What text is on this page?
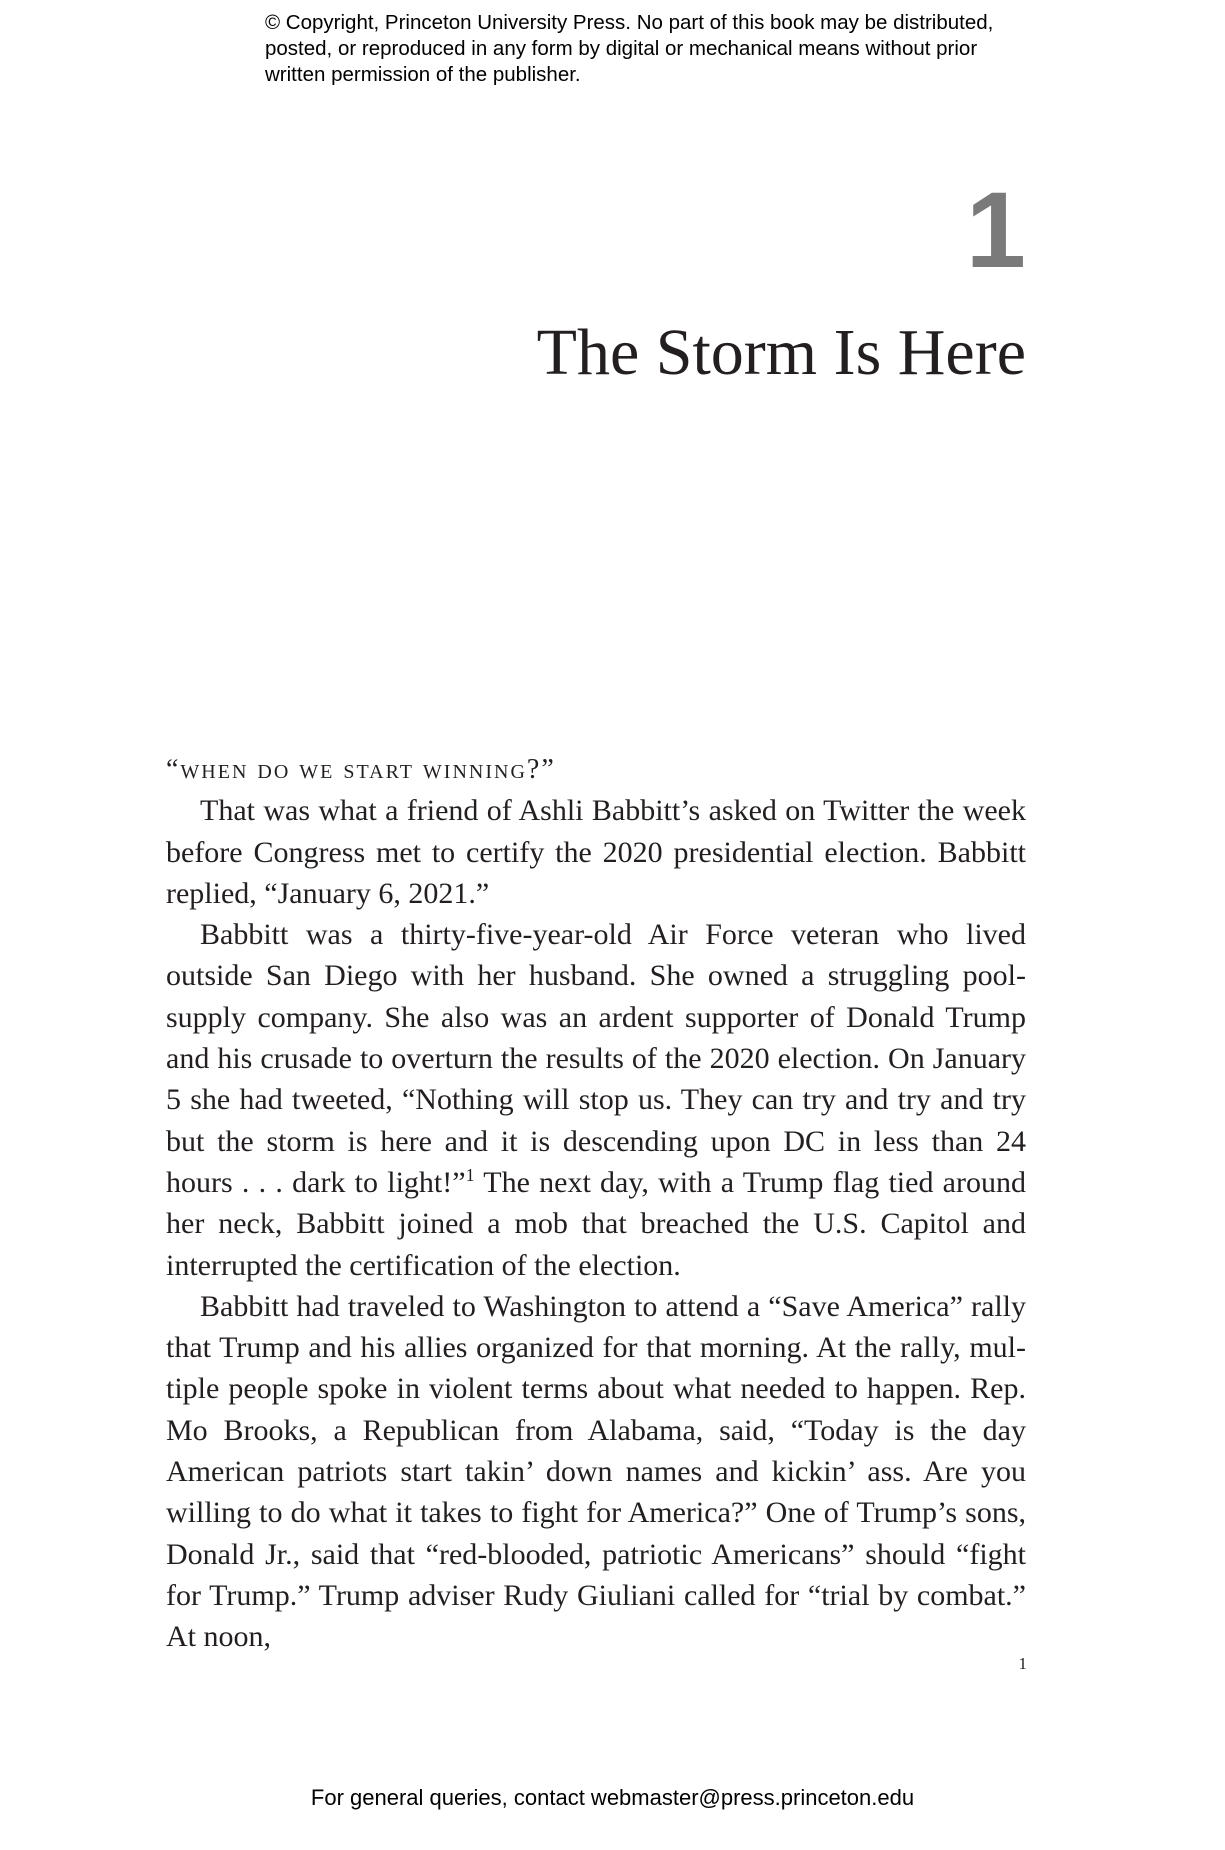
© Copyright, Princeton University Press. No part of this book may be distributed, posted, or reproduced in any form by digital or mechanical means without prior written permission of the publisher.
1
The Storm Is Here

“when do we start winning?”

That was what a friend of Ashli Babbitt’s asked on Twitter the week before Congress met to certify the 2020 presidential election. Babbitt replied, “January 6, 2021.”

Babbitt was a thirty-five-year-old Air Force veteran who lived outside San Diego with her husband. She owned a struggling pool-supply company. She also was an ardent supporter of Donald Trump and his crusade to overturn the results of the 2020 election. On January 5 she had tweeted, “Nothing will stop us. They can try and try and try but the storm is here and it is descending upon DC in less than 24 hours . . . dark to light!”$^1$ The next day, with a Trump flag tied around her neck, Babbitt joined a mob that breached the U.S. Capitol and interrupted the certification of the election.

Babbitt had traveled to Washington to attend a “Save America” rally that Trump and his allies organized for that morning. At the rally, multiple people spoke in violent terms about what needed to happen. Rep. Mo Brooks, a Republican from Alabama, said, “Today is the day American patriots start takin’ down names and kickin’ ass. Are you willing to do what it takes to fight for America?” One of Trump’s sons, Donald Jr., said that “red-blooded, patriotic Americans” should “fight for Trump.” Trump adviser Rudy Giuliani called for “trial by combat.” At noon,

1
For general queries, contact webmaster@press.princeton.edu
